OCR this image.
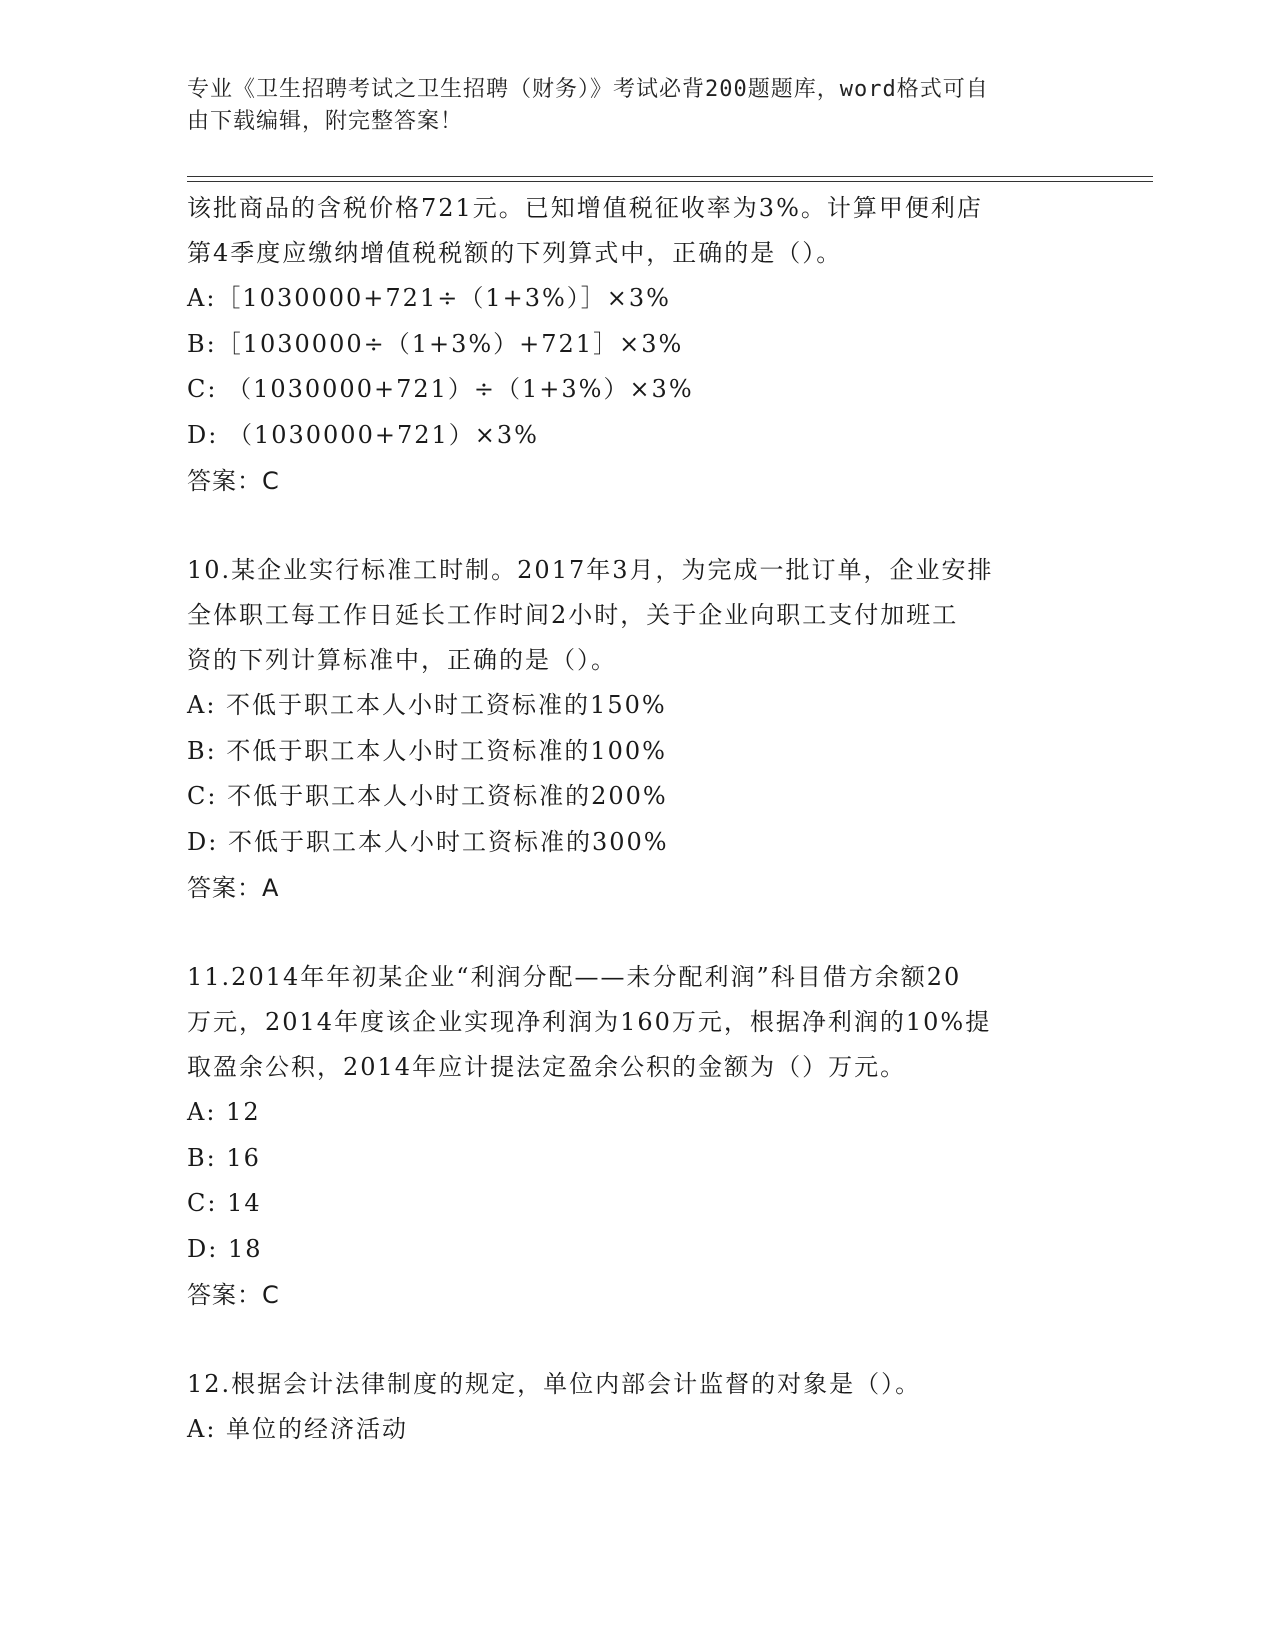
专业《卫生招聘考试之卫生招聘（财务）》考试必背200题题库，word格式可自
由下载编辑，附完整答案！

该批商品的含税价格721元。已知增值税征收率为3%。计算甲便利店

第4季度应缴纳增值税税额的下列算式中，正确的是（）。

A:［1030000+721÷（1+3%）］×3%

B:［1030000÷（1+3%）+721］×3%

C: （1030000+721）÷（1+3%）×3%

D: （1030000+721）×3%

答案：C

10.某企业实行标准工时制。2017年3月，为完成一批订单，企业安排

全体职工每工作日延长工作时间2小时，关于企业向职工支付加班工

资的下列计算标准中，正确的是（）。

A: 不低于职工本人小时工资标准的150%

B: 不低于职工本人小时工资标准的100%

C: 不低于职工本人小时工资标准的200%

D: 不低于职工本人小时工资标准的300%

答案：A

11.2014年年初某企业“利润分配——未分配利润”科目借方余额20

万元，2014年度该企业实现净利润为160万元，根据净利润的10%提

取盈余公积，2014年应计提法定盈余公积的金额为（）万元。

A: 12

B: 16

C: 14

D: 18

答案：C

12.根据会计法律制度的规定，单位内部会计监督的对象是（）。

A: 单位的经济活动
